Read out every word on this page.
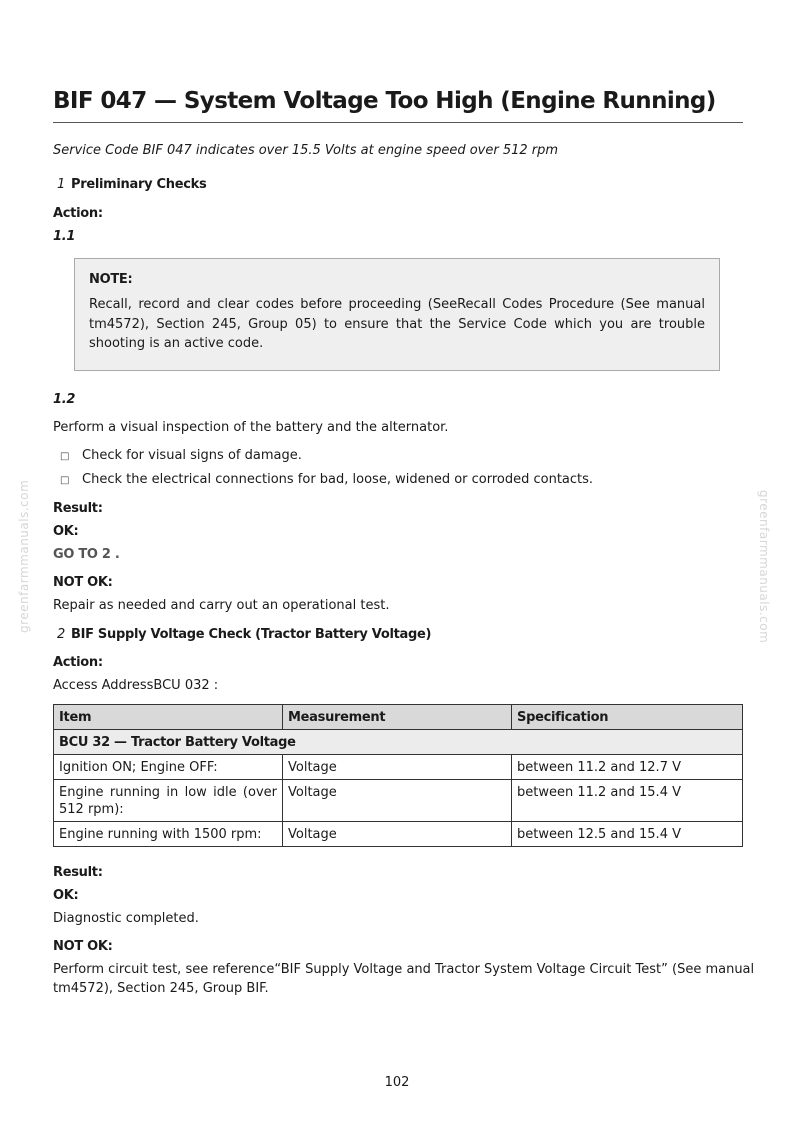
BIF 047 — System Voltage Too High (Engine Running)
Service Code BIF 047 indicates over 15.5 Volts at engine speed over 512 rpm
1 Preliminary Checks
Action:
1.1
NOTE:
Recall, record and clear codes before proceeding (SeeRecall Codes Procedure (See manual tm4572), Section 245, Group 05) to ensure that the Service Code which you are trouble shooting is an active code.
1.2
Perform a visual inspection of the battery and the alternator.
□ Check for visual signs of damage.
□ Check the electrical connections for bad, loose, widened or corroded contacts.
Result:
OK:
GO TO 2 .
NOT OK:
Repair as needed and carry out an operational test.
2 BIF Supply Voltage Check (Tractor Battery Voltage)
Action:
Access AddressBCU 032 :
Item	Measurement	Specification
BCU 32 — Tractor Battery Voltage		
Ignition ON; Engine OFF:	Voltage	between 11.2 and 12.7 V
Engine running in low idle (over 512 rpm):	Voltage	between 11.2 and 15.4 V
Engine running with 1500 rpm:	Voltage	between 12.5 and 15.4 V
Result:
OK:
Diagnostic completed.
NOT OK:
Perform circuit test, see reference“BIF Supply Voltage and Tractor System Voltage Circuit Test” (See manual
tm4572), Section 245, Group BIF.
102
greenfarmmanuals.com	greenfarmmanuals.com
